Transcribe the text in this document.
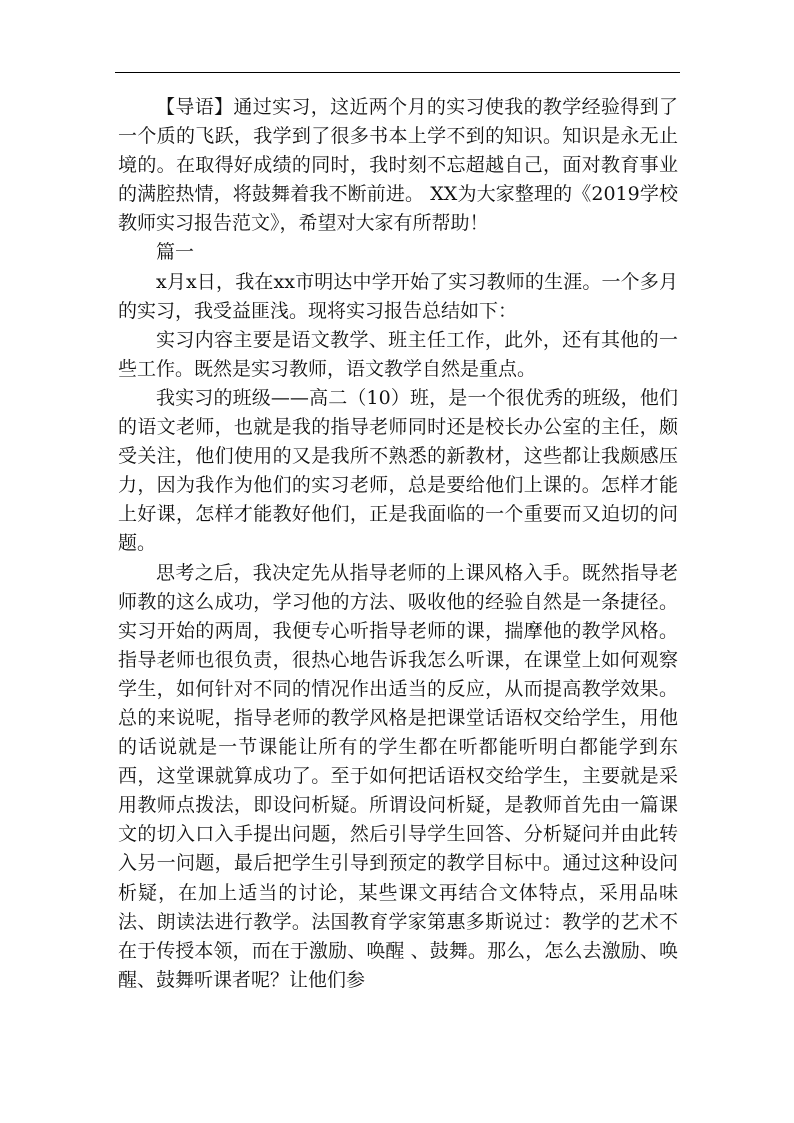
【导语】通过实习，这近两个月的实习使我的教学经验得到了一个质的飞跃，我学到了很多书本上学不到的知识。知识是永无止境的。在取得好成绩的同时，我时刻不忘超越自己，面对教育事业的满腔热情，将鼓舞着我不断前进。 XX为大家整理的《2019学校教师实习报告范文》，希望对大家有所帮助！

篇一

x月x日，我在xx市明达中学开始了实习教师的生涯。一个多月的实习，我受益匪浅。现将实习报告总结如下：

实习内容主要是语文教学、班主任工作，此外，还有其他的一些工作。既然是实习教师，语文教学自然是重点。

我实习的班级——高二（10）班，是一个很优秀的班级，他们的语文老师，也就是我的指导老师同时还是校长办公室的主任，颇受关注，他们使用的又是我所不熟悉的新教材，这些都让我颇感压力，因为我作为他们的实习老师，总是要给他们上课的。怎样才能上好课，怎样才能教好他们，正是我面临的一个重要而又迫切的问题。

思考之后，我决定先从指导老师的上课风格入手。既然指导老师教的这么成功，学习他的方法、吸收他的经验自然是一条捷径。实习开始的两周，我便专心听指导老师的课，揣摩他的教学风格。指导老师也很负责，很热心地告诉我怎么听课，在课堂上如何观察学生，如何针对不同的情况作出适当的反应，从而提高教学效果。总的来说呢，指导老师的教学风格是把课堂话语权交给学生，用他的话说就是一节课能让所有的学生都在听都能听明白都能学到东西，这堂课就算成功了。至于如何把话语权交给学生，主要就是采用教师点拨法，即设问析疑。所谓设问析疑，是教师首先由一篇课文的切入口入手提出问题，然后引导学生回答、分析疑问并由此转入另一问题，最后把学生引导到预定的教学目标中。通过这种设问析疑，在加上适当的讨论，某些课文再结合文体特点，采用品味法、朗读法进行教学。法国教育学家第惠多斯说过：教学的艺术不在于传授本领，而在于激励、唤醒 、鼓舞。那么，怎么去激励、唤醒、鼓舞听课者呢？让他们参
